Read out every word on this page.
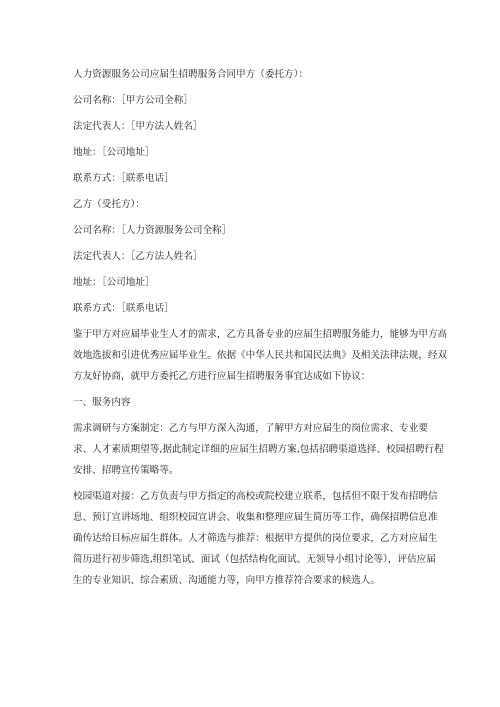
人力资源服务公司应届生招聘服务合同甲方（委托方）：
公司名称：［甲方公司全称］
法定代表人：［甲方法人姓名］
地址：［公司地址］
联系方式：［联系电话］
乙方（受托方）：
公司名称：［人力资源服务公司全称］
法定代表人：［乙方法人姓名］
地址：［公司地址］
联系方式：［联系电话］
鉴于甲方对应届毕业生人才的需求，乙方具备专业的应届生招聘服务能力，能够为甲方高
效地选拔和引进优秀应届毕业生。依据《中华人民共和国民法典》及相关法律法规，经双
方友好协商，就甲方委托乙方进行应届生招聘服务事宜达成如下协议：
一、服务内容
需求调研与方案制定：乙方与甲方深入沟通，了解甲方对应届生的岗位需求、专业要
求、人才素质期望等,据此制定详细的应届生招聘方案,包括招聘渠道选择、校园招聘行程
安排、招聘宣传策略等。
校园渠道对接：乙方负责与甲方指定的高校或院校建立联系，包括但不限于发布招聘信
息、预订宣讲场地、组织校园宣讲会、收集和整理应届生简历等工作，确保招聘信息准
确传达给目标应届生群体。人才筛选与推荐：根据甲方提供的岗位要求，乙方对应届生
简历进行初步筛选,组织笔试、面试（包括结构化面试、无领导小组讨论等），评估应届
生的专业知识、综合素质、沟通能力等，向甲方推荐符合要求的候选人。
